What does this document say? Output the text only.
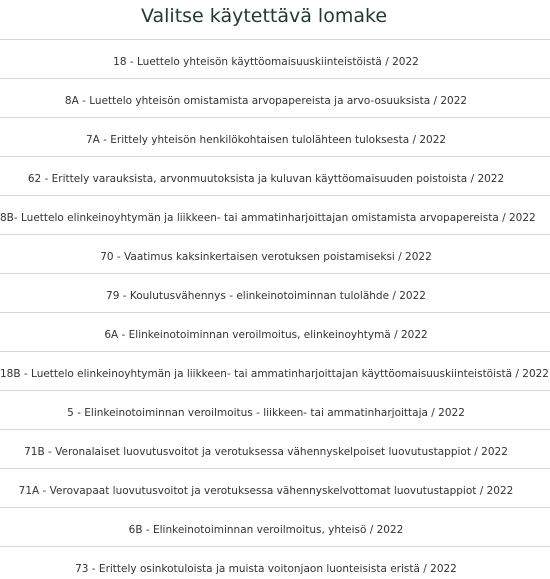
Valitse käytettävä lomake
18 - Luettelo yhteisön käyttöomaisuuskiinteistöistä / 2022
8A - Luettelo yhteisön omistamista arvopapereista ja arvo-osuuksista / 2022
7A - Erittely yhteisön henkilökohtaisen tulolähteen tuloksesta / 2022
62 - Erittely varauksista, arvonmuutoksista ja kuluvan käyttöomaisuuden poistoista / 2022
8B- Luettelo elinkeinoyhtymän ja liikkeen- tai ammatinharjoittajan omistamista arvopapereista / 2022
70 - Vaatimus kaksinkertaisen verotuksen poistamiseksi / 2022
79 - Koulutusvähennys - elinkeinotoiminnan tulolähde / 2022
6A - Elinkeinotoiminnan veroilmoitus, elinkeinoyhtymä / 2022
18B - Luettelo elinkeinoyhtymän ja liikkeen- tai ammatinharjoittajan käyttöomaisuuskiinteistöistä / 2022
5 - Elinkeinotoiminnan veroilmoitus - liikkeen- tai ammatinharjoittaja / 2022
71B - Veronalaiset luovutusvoitot ja verotuksessa vähennyskelpoiset luovutustappiot / 2022
71A - Verovapaat luovutusvoitot ja verotuksessa vähennyskelvottomat luovutustappiot / 2022
6B - Elinkeinotoiminnan veroilmoitus, yhteisö / 2022
73 - Erittely osinkotuloista ja muista voitonjaon luonteisista eristä / 2022
